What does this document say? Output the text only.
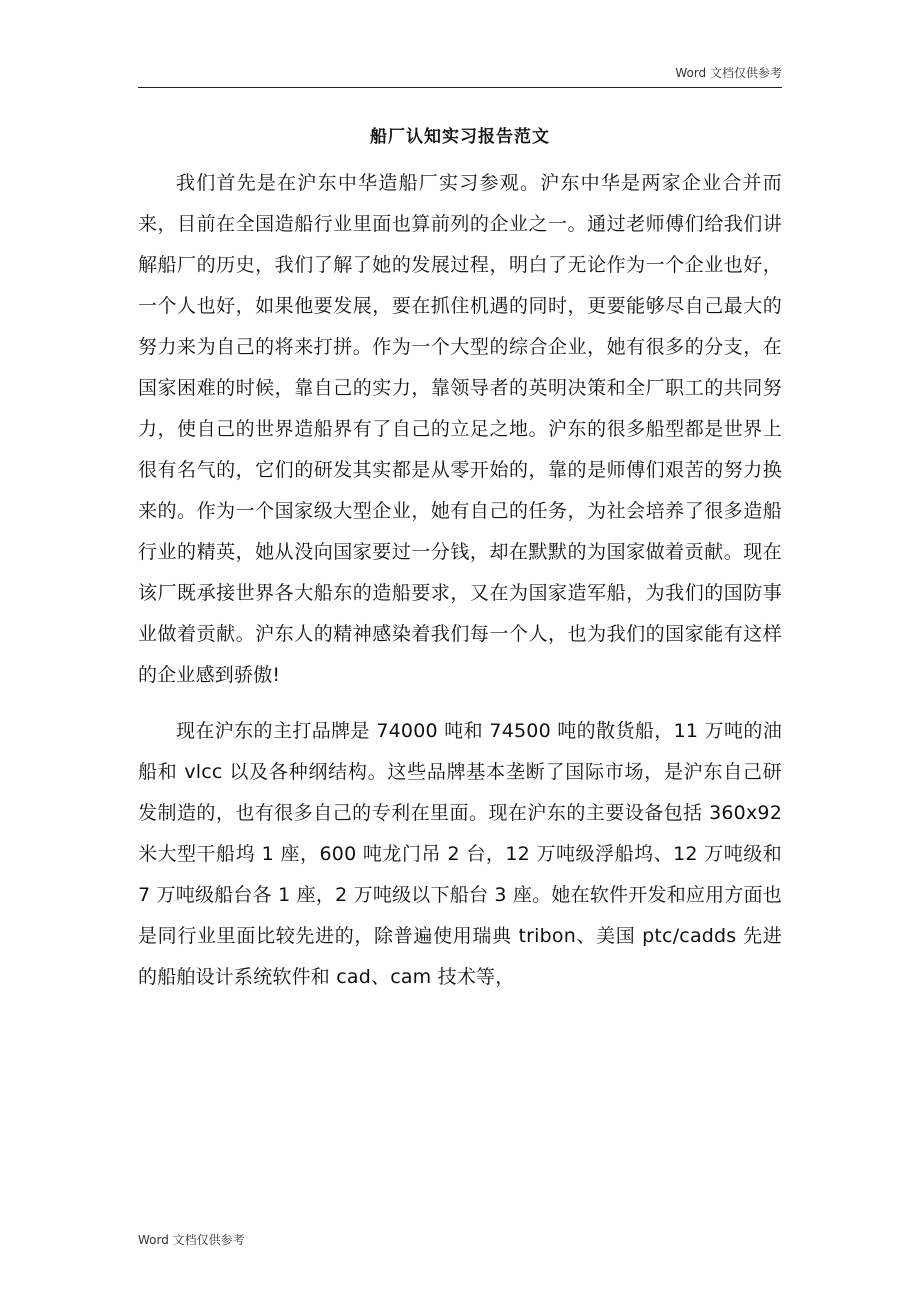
Word 文档仅供参考
船厂认知实习报告范文

我们首先是在沪东中华造船厂实习参观。沪东中华是两家企业合并而来，目前在全国造船行业里面也算前列的企业之一。通过老师傅们给我们讲解船厂的历史，我们了解了她的发展过程，明白了无论作为一个企业也好，一个人也好，如果他要发展，要在抓住机遇的同时，更要能够尽自己最大的努力来为自己的将来打拼。作为一个大型的综合企业，她有很多的分支，在国家困难的时候，靠自己的实力，靠领导者的英明决策和全厂职工的共同努力，使自己的世界造船界有了自己的立足之地。沪东的很多船型都是世界上很有名气的，它们的研发其实都是从零开始的，靠的是师傅们艰苦的努力换来的。作为一个国家级大型企业，她有自己的任务，为社会培养了很多造船行业的精英，她从没向国家要过一分钱，却在默默的为国家做着贡献。现在该厂既承接世界各大船东的造船要求，又在为国家造军船，为我们的国防事业做着贡献。沪东人的精神感染着我们每一个人，也为我们的国家能有这样的企业感到骄傲!

现在沪东的主打品牌是 74000 吨和 74500 吨的散货船，11 万吨的油船和 vlcc 以及各种纲结构。这些品牌基本垄断了国际市场，是沪东自己研发制造的，也有很多自己的专利在里面。现在沪东的主要设备包括 360x92 米大型干船坞 1 座，600 吨龙门吊 2 台，12 万吨级浮船坞、12 万吨级和 7 万吨级船台各 1 座，2 万吨级以下船台 3 座。她在软件开发和应用方面也是同行业里面比较先进的，除普遍使用瑞典 tribon、美国 ptc/cadds 先进的船舶设计系统软件和 cad、cam 技术等，

Word 文档仅供参考
